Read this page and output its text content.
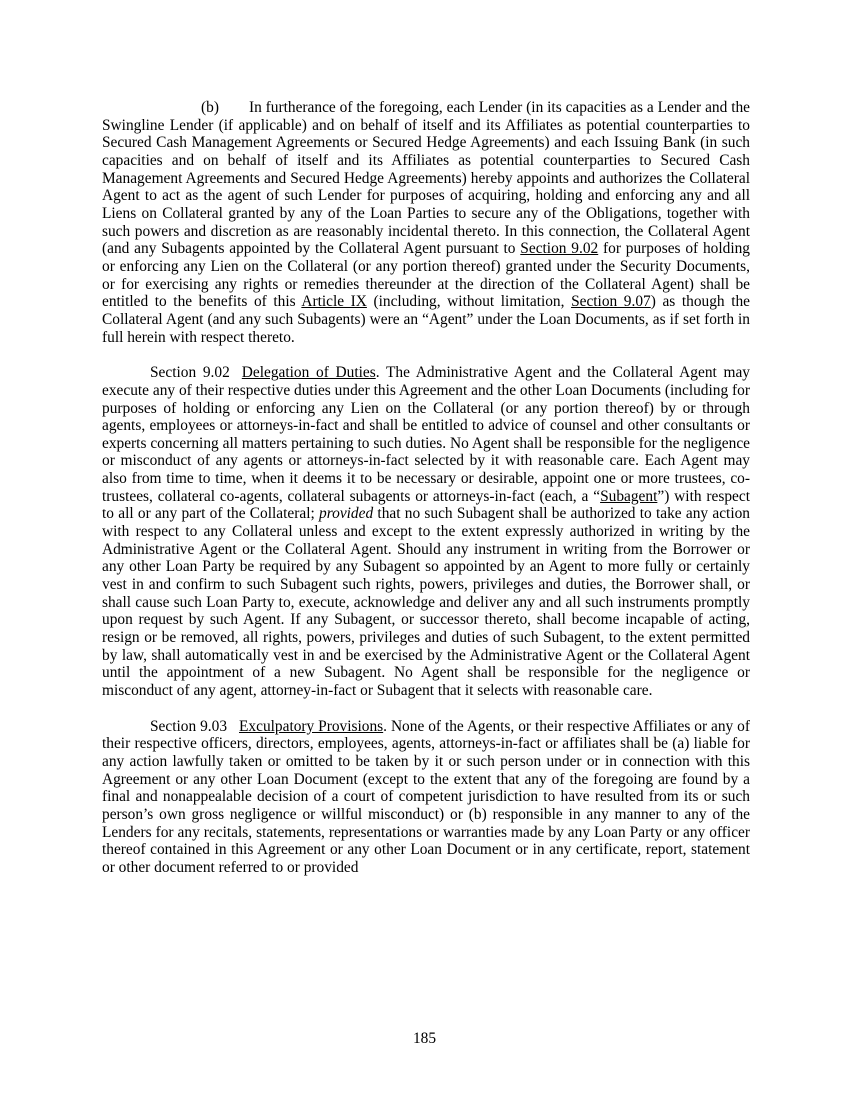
(b) In furtherance of the foregoing, each Lender (in its capacities as a Lender and the Swingline Lender (if applicable) and on behalf of itself and its Affiliates as potential counterparties to Secured Cash Management Agreements or Secured Hedge Agreements) and each Issuing Bank (in such capacities and on behalf of itself and its Affiliates as potential counterparties to Secured Cash Management Agreements and Secured Hedge Agreements) hereby appoints and authorizes the Collateral Agent to act as the agent of such Lender for purposes of acquiring, holding and enforcing any and all Liens on Collateral granted by any of the Loan Parties to secure any of the Obligations, together with such powers and discretion as are reasonably incidental thereto. In this connection, the Collateral Agent (and any Subagents appointed by the Collateral Agent pursuant to Section 9.02 for purposes of holding or enforcing any Lien on the Collateral (or any portion thereof) granted under the Security Documents, or for exercising any rights or remedies thereunder at the direction of the Collateral Agent) shall be entitled to the benefits of this Article IX (including, without limitation, Section 9.07) as though the Collateral Agent (and any such Subagents) were an “Agent” under the Loan Documents, as if set forth in full herein with respect thereto.

Section 9.02 Delegation of Duties. The Administrative Agent and the Collateral Agent may execute any of their respective duties under this Agreement and the other Loan Documents (including for purposes of holding or enforcing any Lien on the Collateral (or any portion thereof) by or through agents, employees or attorneys-in-fact and shall be entitled to advice of counsel and other consultants or experts concerning all matters pertaining to such duties. No Agent shall be responsible for the negligence or misconduct of any agents or attorneys-in-fact selected by it with reasonable care. Each Agent may also from time to time, when it deems it to be necessary or desirable, appoint one or more trustees, co-trustees, collateral co-agents, collateral subagents or attorneys-in-fact (each, a “Subagent”) with respect to all or any part of the Collateral; provided that no such Subagent shall be authorized to take any action with respect to any Collateral unless and except to the extent expressly authorized in writing by the Administrative Agent or the Collateral Agent. Should any instrument in writing from the Borrower or any other Loan Party be required by any Subagent so appointed by an Agent to more fully or certainly vest in and confirm to such Subagent such rights, powers, privileges and duties, the Borrower shall, or shall cause such Loan Party to, execute, acknowledge and deliver any and all such instruments promptly upon request by such Agent. If any Subagent, or successor thereto, shall become incapable of acting, resign or be removed, all rights, powers, privileges and duties of such Subagent, to the extent permitted by law, shall automatically vest in and be exercised by the Administrative Agent or the Collateral Agent until the appointment of a new Subagent. No Agent shall be responsible for the negligence or misconduct of any agent, attorney-in-fact or Subagent that it selects with reasonable care.

Section 9.03 Exculpatory Provisions. None of the Agents, or their respective Affiliates or any of their respective officers, directors, employees, agents, attorneys-in-fact or affiliates shall be (a) liable for any action lawfully taken or omitted to be taken by it or such person under or in connection with this Agreement or any other Loan Document (except to the extent that any of the foregoing are found by a final and nonappealable decision of a court of competent jurisdiction to have resulted from its or such person’s own gross negligence or willful misconduct) or (b) responsible in any manner to any of the Lenders for any recitals, statements, representations or warranties made by any Loan Party or any officer thereof contained in this Agreement or any other Loan Document or in any certificate, report, statement or other document referred to or provided

185
